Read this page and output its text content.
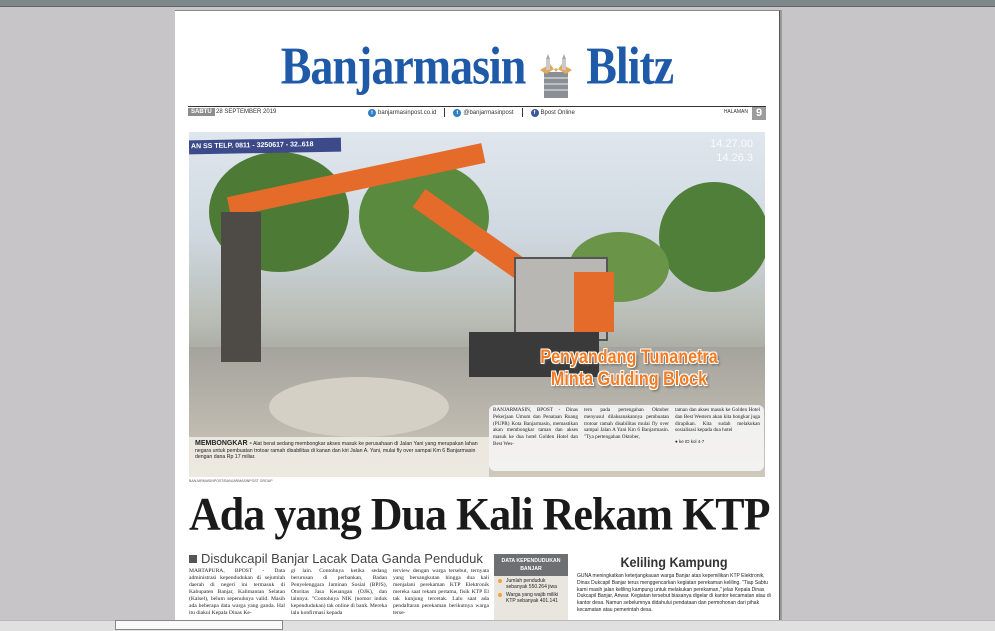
Banjarmasin Blitz
SABTU 28 SEPTEMBER 2019	t banjarmasinpost.co.id	t @banjarmasinpost	f Bpost Online	HALAMAN 9
AN SS TELP. 0811 - 3250617 - 32..618
TIRE
14.27.00
14.26.3
Penyandang Tunanetra
Minta Guiding Block
MEMBONGKAR - Alat berat sedang membongkar akses masuk ke perusahaan di Jalan Yani yang merupakan lahan negara untuk pembuatan trotoar ramah disabilitas di kanan dan kiri Jalan A. Yani, mulai fly over sampai Km 6 Banjarmasin dengan dana Rp 17 miliar.
BANJARMASIN, BPOST - Dinas Pekerjaan Umum dan Penataan Ruang (PUPR) Kota Banjarmasin, memastikan akan membongkar taman dan akses masuk ke dua hotel Golden Hotel dan Best Wes-
tern pada pertengahan Oktober menyusul dilaksanakannya pembuatan trotoar ramah disabilitas mulai fly over sampai Jalan A Yani Km 6 Banjarmasin. "Tya pertengahan Oktober,
taman dan akses masuk ke Golden Hotel dan Best Western akan kita bongkar juga dirapikan. Kita sudah melakukan sosialisasi kepada dua hotel
● ke ID kol 4-7
BANJARMASINPOST/BANJARMASINPOST GROUP
Ada yang Dua Kali Rekam KTP
Disdukcapil Banjar Lacak Data Ganda Penduduk
MARTAPURA, BPOST - Data administrasi kependudukan di sejumlah daerah di negeri ini termasuk di Kabupaten Banjar, Kalimantan Selatan (Kalsel), belum sepenuhnya valid. Masih ada beberapa data warga yang ganda. Hal itu diakui Kepala Dinas Ke-
gi lain. Contohnya ketika sedang berurusan di perbankan, Badan Penyelenggara Jaminan Sosial (BPJS), Otoritas Jasa Keuangan (OJK), dan lainnya. "Contohnya NIK (nomor induk kependudukan) tak online di bank. Mereka lalu konfirmasi kepada
terview dengan warga tersebut, ternyata yang bersangkutan hingga dua kali menjalani perekaman KTP Elektronik mereka saat rekam pertama, fisik KTP El tak kunjung tercetak. Lalu saat ada pendaftaran perekaman berikutnya warga terse-
DATA KEPENDUDUKAN BANJAR
Jumlah penduduk sebanyak 550.264 jiwa
Warga yang wajib miliki KTP sebanyak 401.141
Keliling Kampung
GUNA meningkatkan keterjangkauan warga Banjar atas kepemilikan KTP Elektronik, Dinas Dukcapil Banjar terus menggencarkan kegiatan perekaman keliling. "Tiap Sabtu kami masih jalan keliling kampung untuk melakukan perekaman," jelas Kepala Dinas Dukcapil Banjar, Anwar. Kegiatan tersebut biasanya digelar di kantor kecamatan atau di kantor desa. Namun sebelumnya didahului pendataan dan permohonan dari pihak kecamatan atau pemerintah desa.
